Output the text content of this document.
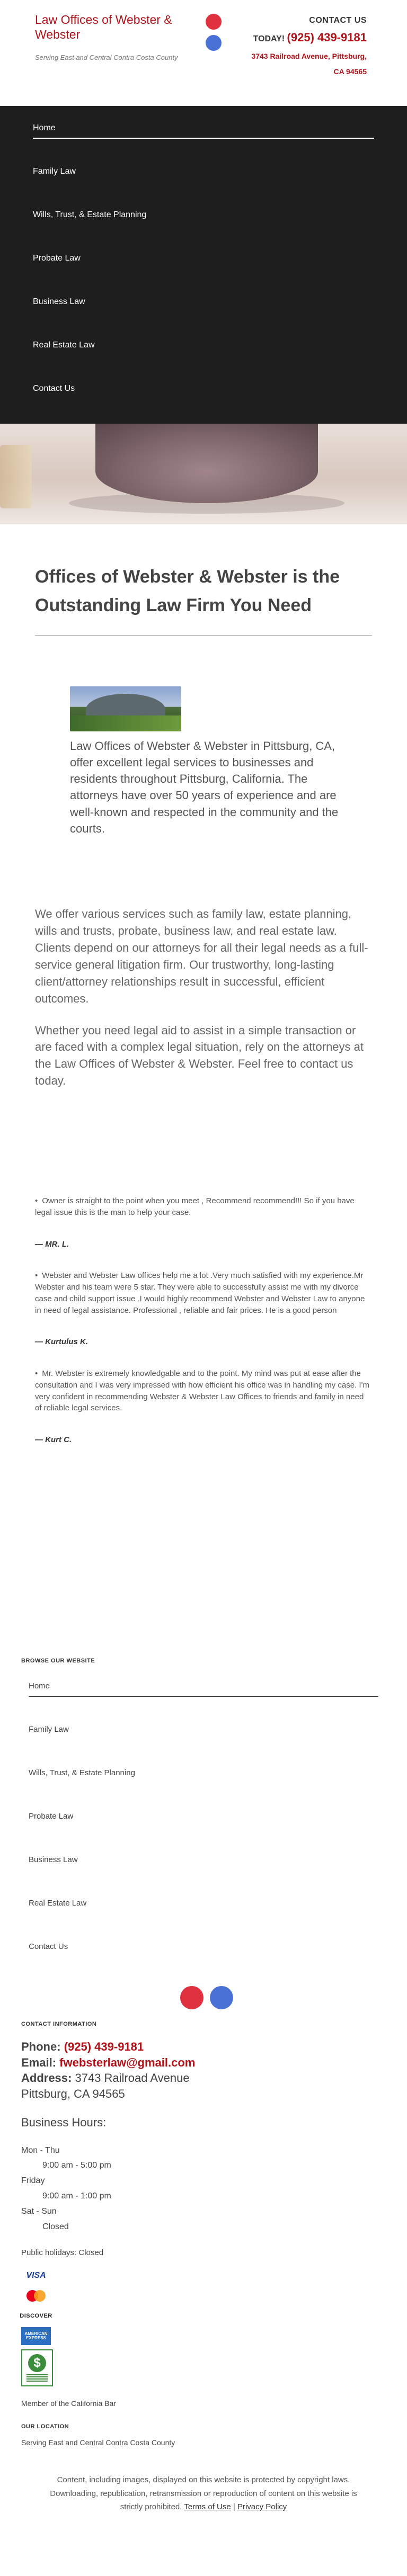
Law Offices of Webster & Webster
Serving East and Central Contra Costa County
CONTACT US
TODAY! (925) 439-9181
3743 Railroad Avenue, Pittsburg,
CA 94565
Home
Family Law
Wills, Trust, & Estate Planning
Probate Law
Business Law
Real Estate Law
Contact Us
Offices of Webster & Webster is the Outstanding Law Firm You Need

Law Offices of Webster & Webster in Pittsburg, CA, offer excellent legal services to businesses and residents throughout Pittsburg, California. The attorneys have over 50 years of experience and are well-known and respected in the community and the courts.

We offer various services such as family law, estate planning, wills and trusts, probate, business law, and real estate law. Clients depend on our attorneys for all their legal needs as a full-service general litigation firm. Our trustworthy, long-lasting client/attorney relationships result in successful, efficient outcomes.

Whether you need legal aid to assist in a simple transaction or are faced with a complex legal situation, rely on the attorneys at the Law Offices of Webster & Webster. Feel free to contact us today.

• Owner is straight to the point when you meet , Recommend recommend!!! So if you have legal issue this is the man to help your case.
— MR. L.
• Webster and Webster Law offices help me a lot .Very much satisfied with my experience.Mr Webster and his team were 5 star. They were able to successfully assist me with my divorce case and child support issue .I would highly recommend Webster and Webster Law to anyone in need of legal assistance. Professional , reliable and fair prices. He is a good person
— Kurtulus K.
• Mr. Webster is extremely knowledgable and to the point. My mind was put at ease after the consultation and I was very impressed with how efficient his office was in handling my case. I'm very confident in recommending Webster & Webster Law Offices to friends and family in need of reliable legal services.
— Kurt C.
BROWSE OUR WEBSITE
Home
Family Law
Wills, Trust, & Estate Planning
Probate Law
Business Law
Real Estate Law
Contact Us
CONTACT INFORMATION
Phone: (925) 439-9181
Email: fwebsterlaw@gmail.com
Address: 3743 Railroad Avenue
Pittsburg, CA 94565
Business Hours:
Mon - Thu
9:00 am - 5:00 pm
Friday
9:00 am - 1:00 pm
Sat - Sun
Closed
Public holidays: Closed
VISA
DISCOVER
AMERICAN EXPRESS
$
Member of the California Bar
OUR LOCATION
Serving East and Central Contra Costa County
Content, including images, displayed on this website is protected by copyright laws. Downloading, republication, retransmission or reproduction of content on this website is strictly prohibited. Terms of Use | Privacy Policy
